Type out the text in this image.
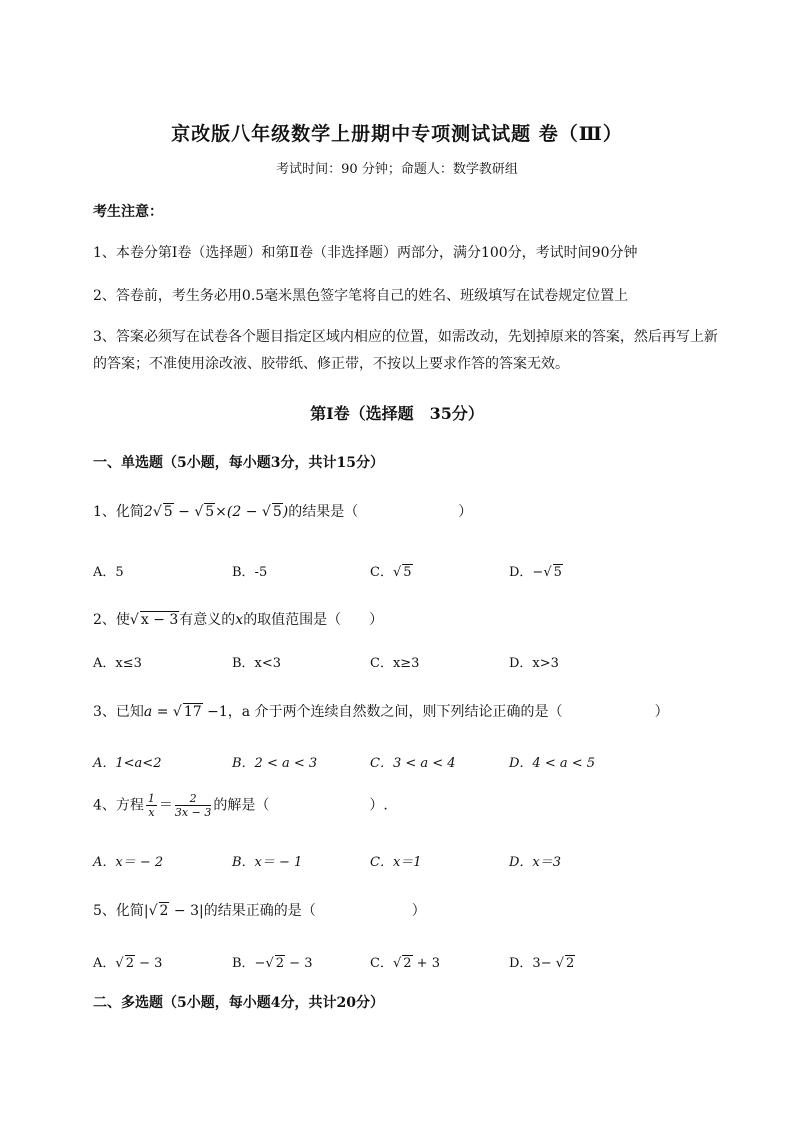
京改版八年级数学上册期中专项测试试题 卷（Ⅲ）
考试时间：90 分钟；命题人：数学教研组
考生注意：
1、本卷分第Ⅰ卷（选择题）和第Ⅱ卷（非选择题）两部分，满分100分，考试时间90分钟
2、答卷前，考生务必用0.5毫米黑色签字笔将自己的姓名、班级填写在试卷规定位置上
3、答案必须写在试卷各个题目指定区域内相应的位置，如需改动，先划掉原来的答案，然后再写上新
的答案；不准使用涂改液、胶带纸、修正带，不按以上要求作答的答案无效。
第Ⅰ卷（选择题　35分）
一、单选题（5小题，每小题3分，共计15分）
1、化简2√ 5 − √ 5×(2 − √ 5)的结果是（	）
A．5	B．-5	C．√ 5	D．−√ 5
2、使√ x − 3有意义的x的取值范围是（　　）
A．x≤3	B．x<3	C．x≥3	D．x>3
3、已知a = √ 17 −1，a 介于两个连续自然数之间，则下列结论正确的是（	）
A．1<a<2	B．2 < a < 3	C．3 < a < 4	D．4 < a < 5
4、方程 $\frac{1}{x} = \frac{2}{3x - 3}$ 的解是（	）.
A．x＝ − 2	B．x＝ − 1	C．x＝1	D．x＝3
5、化简|√ 2 − 3|的结果正确的是（	）
A．√ 2 − 3	B．−√ 2 − 3	C．√ 2 + 3	D．3− √ 2
二、多选题（5小题，每小题4分，共计20分）
